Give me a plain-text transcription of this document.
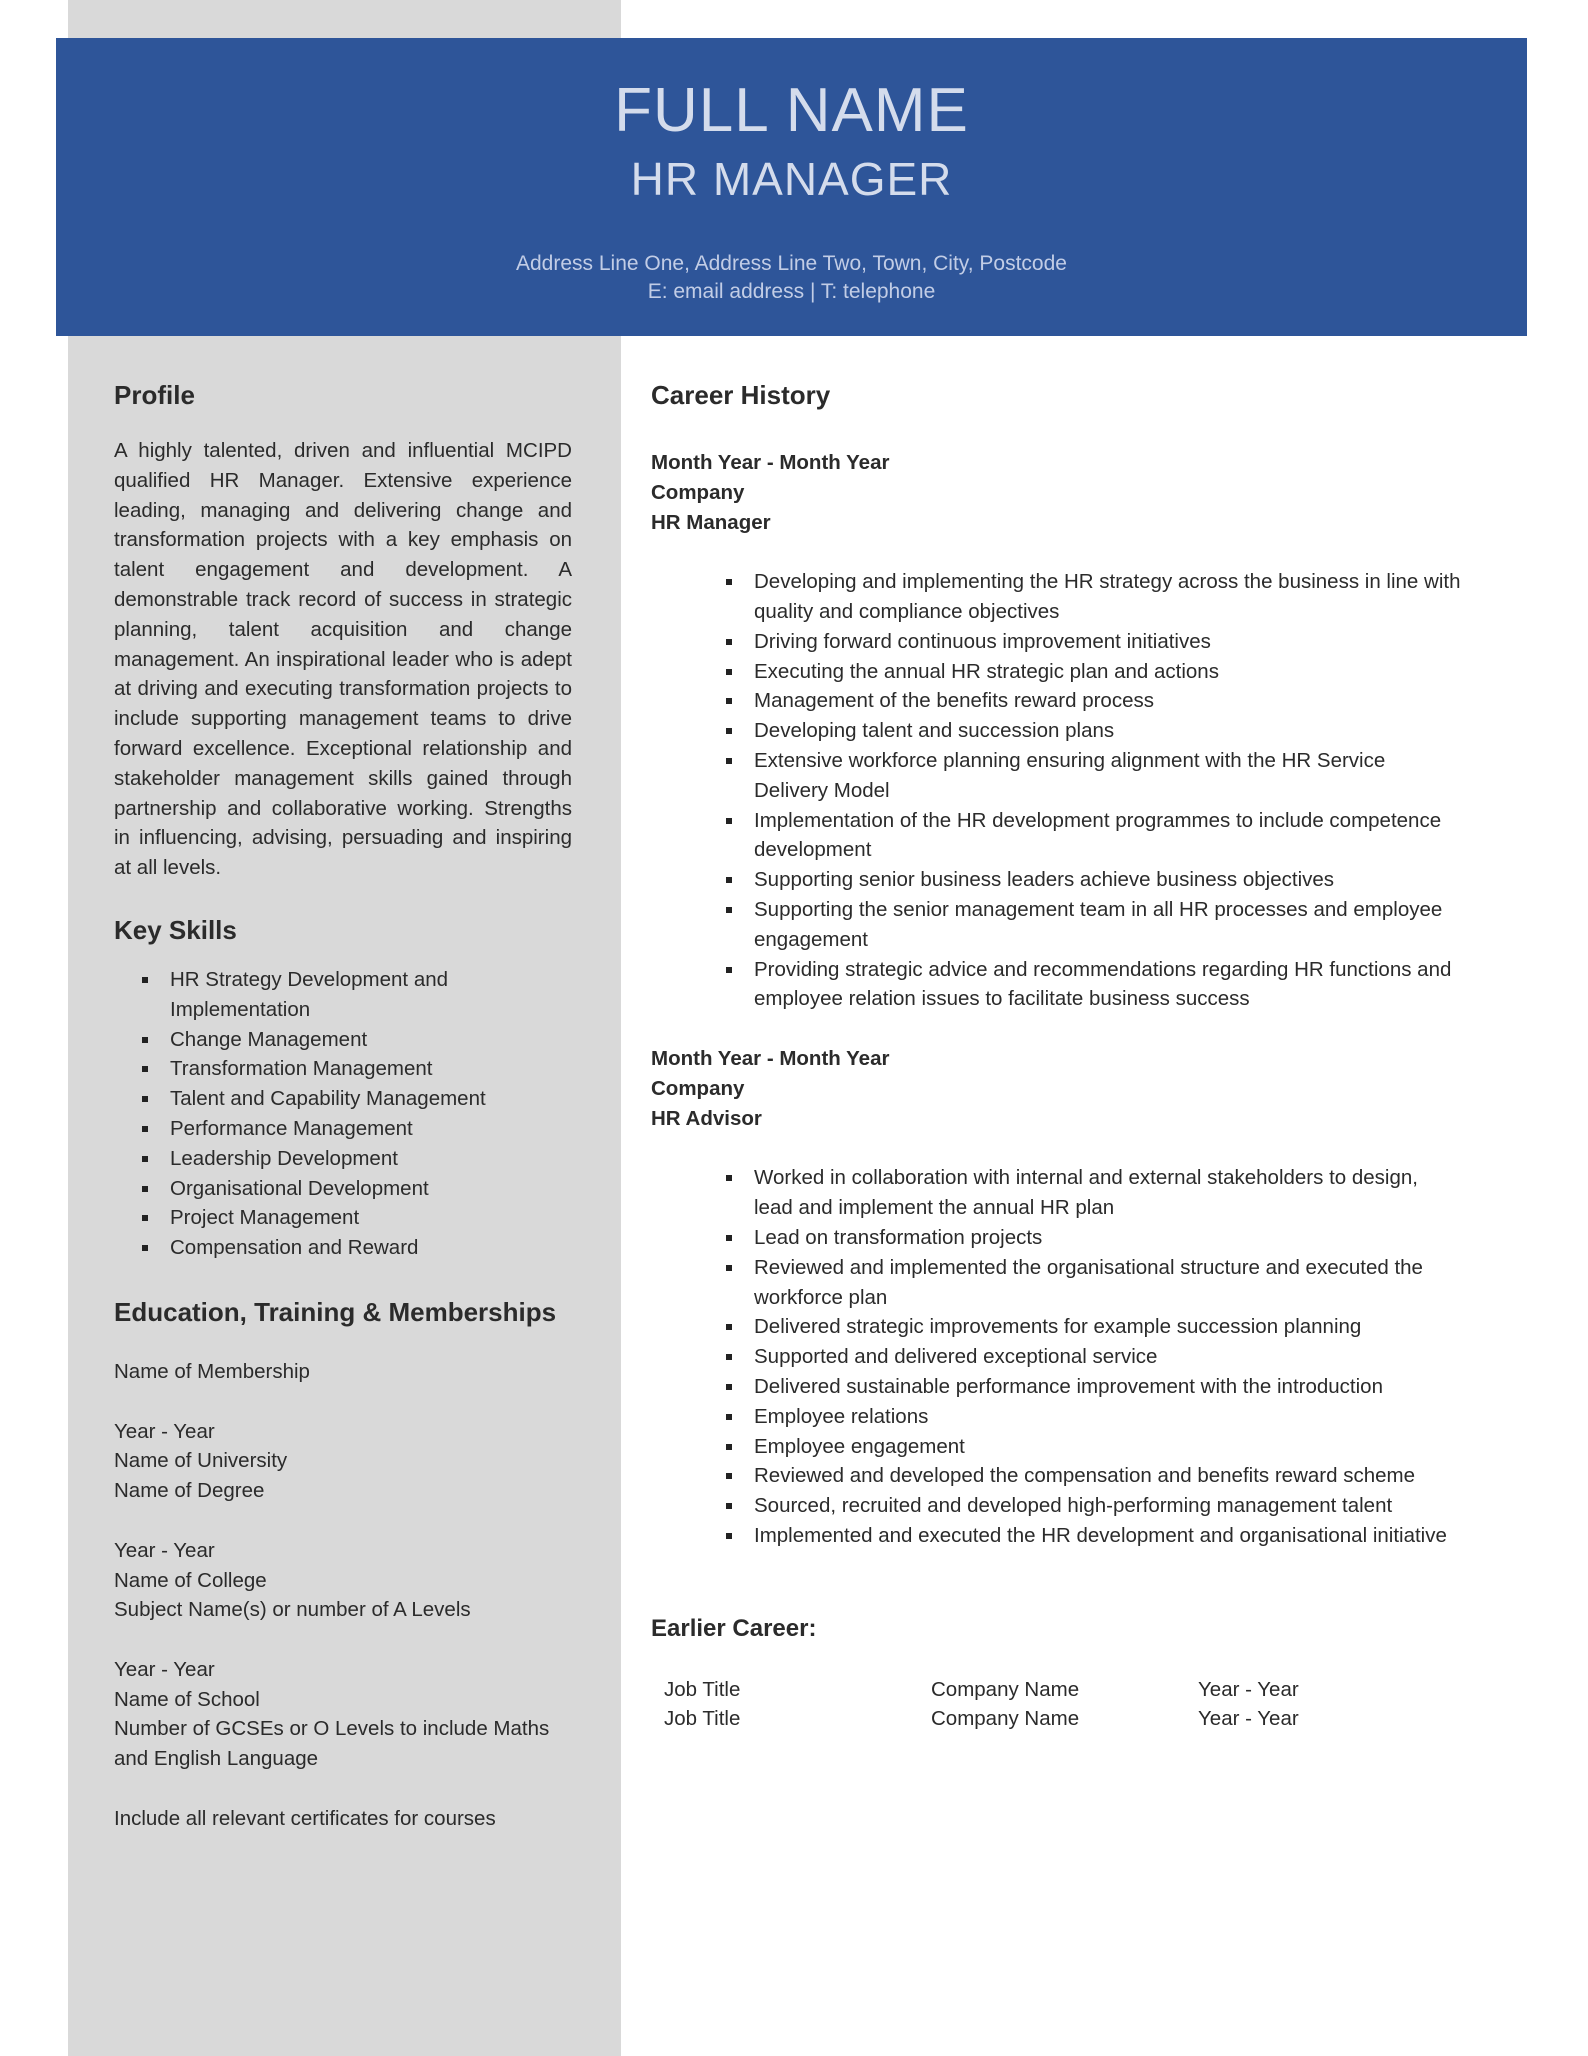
FULL NAME
HR MANAGER
Address Line One, Address Line Two, Town, City, Postcode
E: email address | T: telephone
Profile

A highly talented, driven and influential MCIPD qualified HR Manager. Extensive experience leading, managing and delivering change and transformation projects with a key emphasis on talent engagement and development. A demonstrable track record of success in strategic planning, talent acquisition and change management. An inspirational leader who is adept at driving and executing transformation projects to include supporting management teams to drive forward excellence. Exceptional relationship and stakeholder management skills gained through partnership and collaborative working. Strengths in influencing, advising, persuading and inspiring at all levels.

Key Skills
HR Strategy Development and Implementation
Change Management
Transformation Management
Talent and Capability Management
Performance Management
Leadership Development
Organisational Development
Project Management
Compensation and Reward
Education, Training & Memberships
Name of Membership
Year - Year
Name of University
Name of Degree
Year - Year
Name of College
Subject Name(s) or number of A Levels
Year - Year
Name of School
Number of GCSEs or O Levels to include Maths and English Language
Include all relevant certificates for courses
Career History
Month Year - Month Year
Company
HR Manager
Developing and implementing the HR strategy across the business in line with quality and compliance objectives
Driving forward continuous improvement initiatives
Executing the annual HR strategic plan and actions
Management of the benefits reward process
Developing talent and succession plans
Extensive workforce planning ensuring alignment with the HR Service Delivery Model
Implementation of the HR development programmes to include competence development
Supporting senior business leaders achieve business objectives
Supporting the senior management team in all HR processes and employee engagement
Providing strategic advice and recommendations regarding HR functions and employee relation issues to facilitate business success
Month Year - Month Year
Company
HR Advisor
Worked in collaboration with internal and external stakeholders to design, lead and implement the annual HR plan
Lead on transformation projects
Reviewed and implemented the organisational structure and executed the workforce plan
Delivered strategic improvements for example succession planning
Supported and delivered exceptional service
Delivered sustainable performance improvement with the introduction
Employee relations
Employee engagement
Reviewed and developed the compensation and benefits reward scheme
Sourced, recruited and developed high-performing management talent
Implemented and executed the HR development and organisational initiative
Earlier Career:
Job Title	Company Name	Year - Year
Job Title	Company Name	Year - Year
